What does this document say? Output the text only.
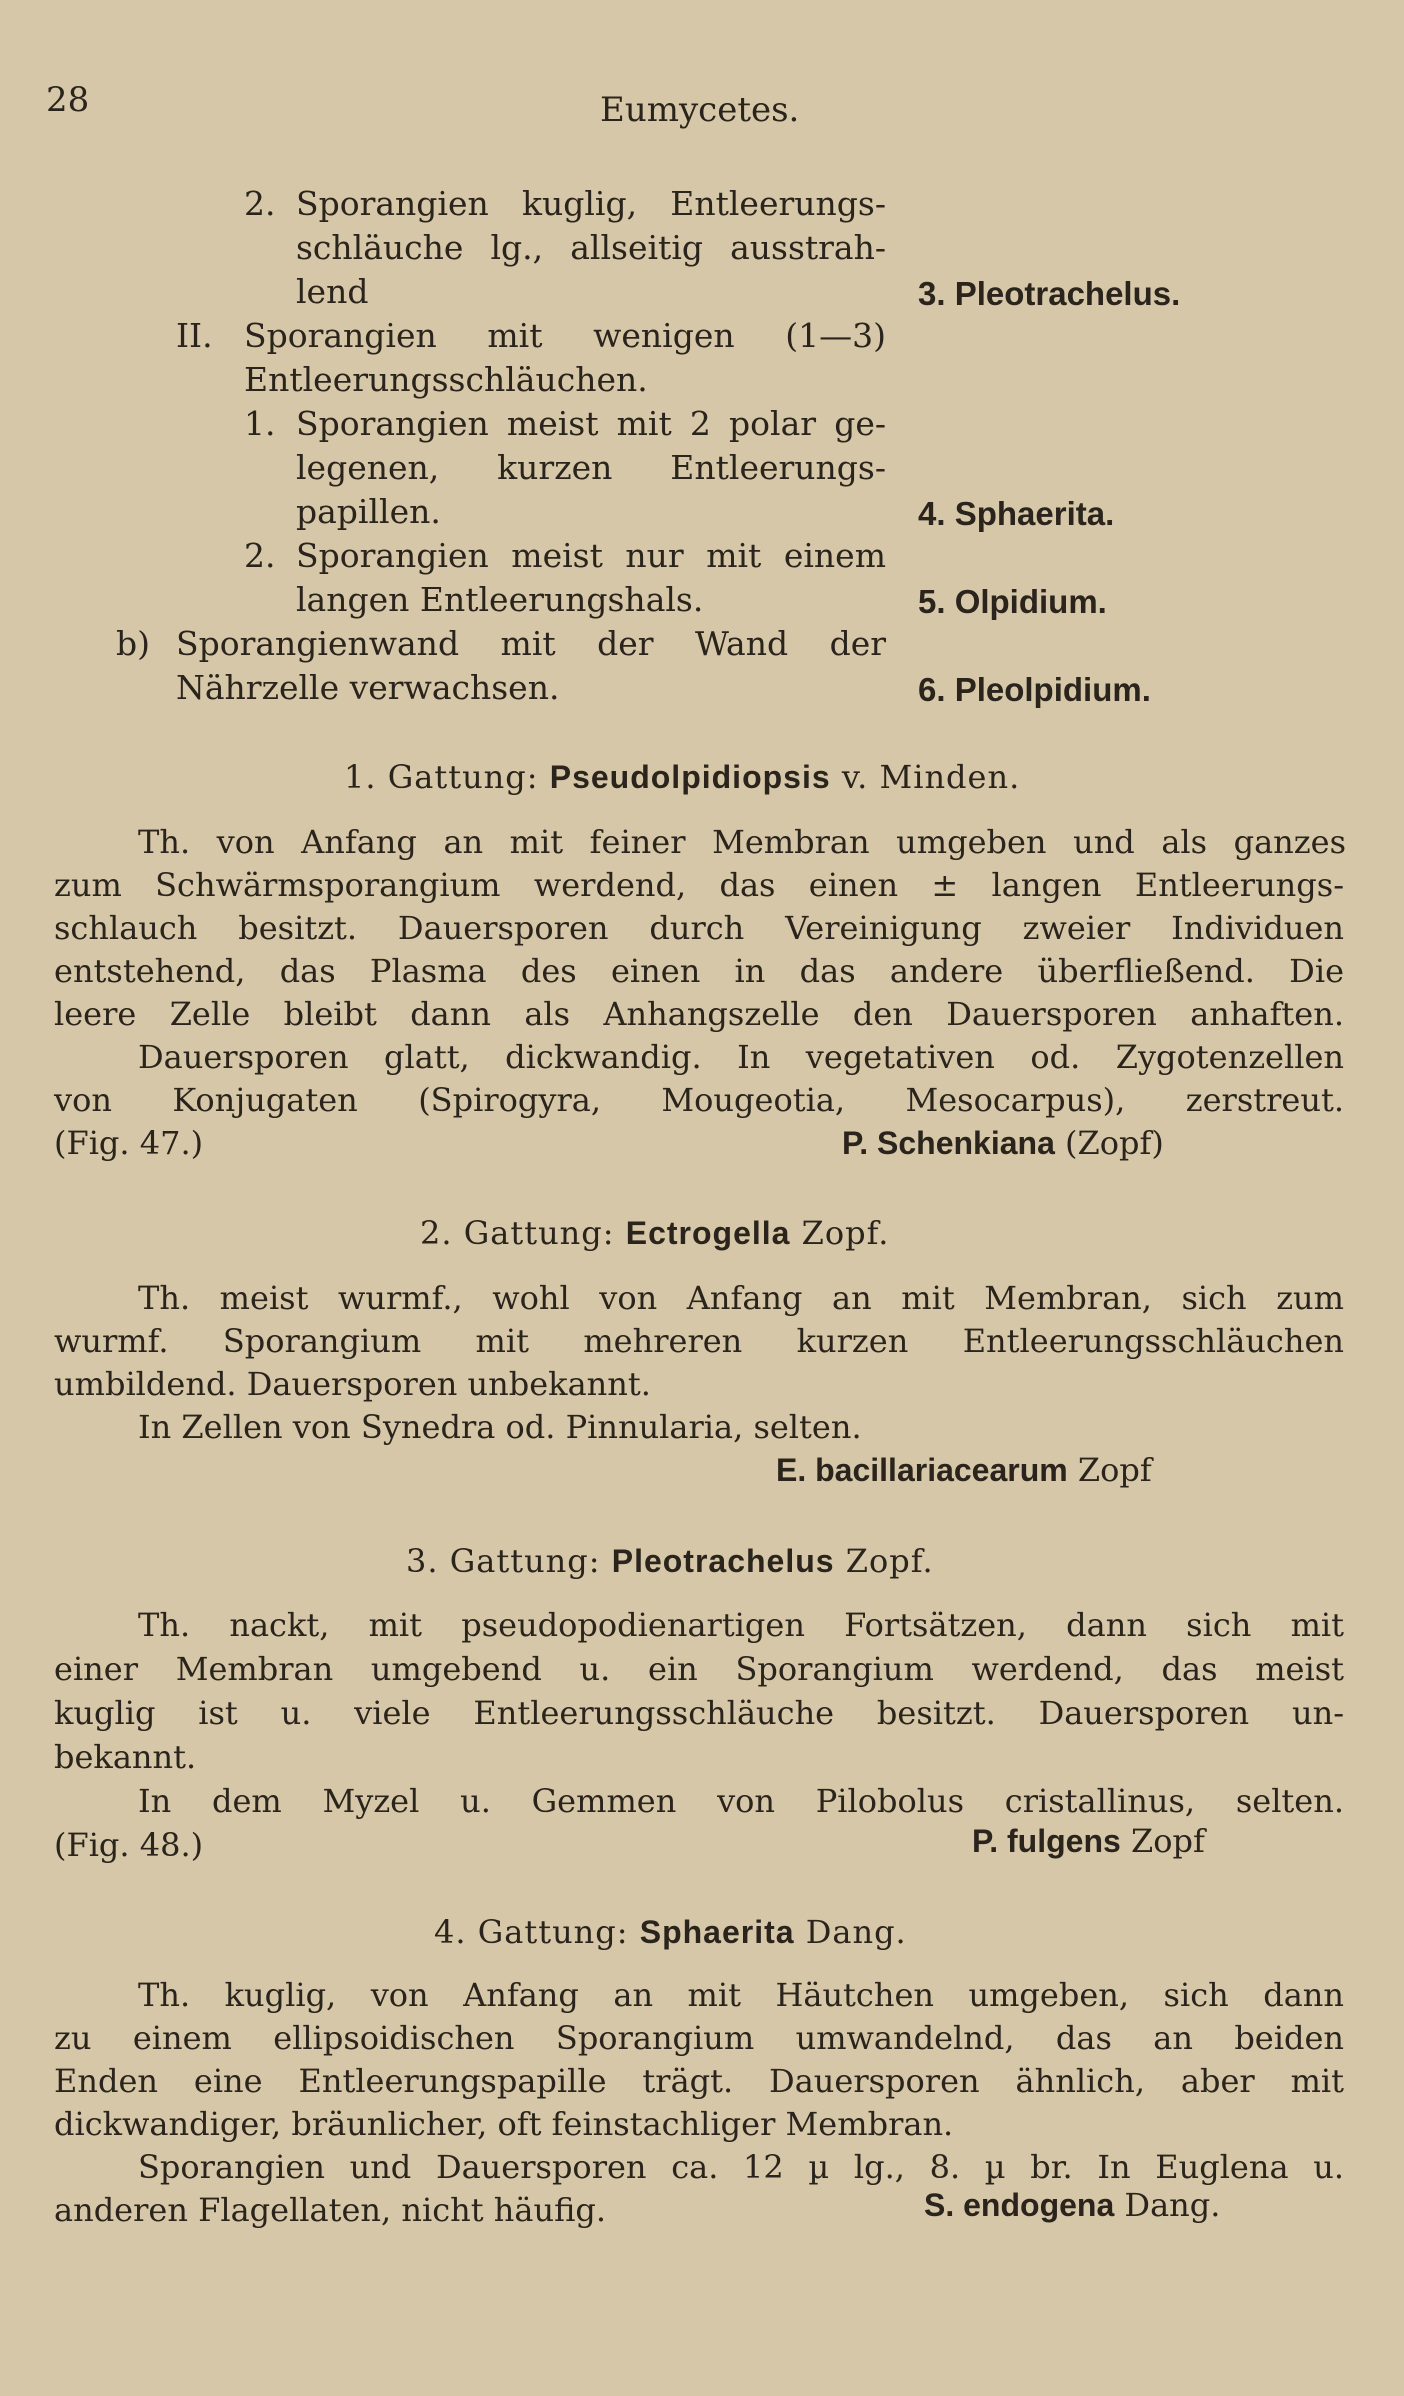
28	Eumycetes.
2. Sporangien kuglig, Entleerungs-
schläuche lg., allseitig ausstrah-
lend	3. Pleotrachelus.
II. Sporangien mit wenigen (1—3)
Entleerungsschläuchen.
1. Sporangien meist mit 2 polar ge-
legenen, kurzen Entleerungs-
papillen.	4. Sphaerita.
2. Sporangien meist nur mit einem
langen Entleerungshals.	5. Olpidium.
b) Sporangienwand mit der Wand der
Nährzelle verwachsen.	6. Pleolpidium.
1. Gattung: Pseudolpidiopsis v. Minden.
Th. von Anfang an mit feiner Membran umgeben und als ganzes
zum Schwärmsporangium werdend, das einen ± langen Entleerungs-
schlauch besitzt. Dauersporen durch Vereinigung zweier Individuen
entstehend, das Plasma des einen in das andere überfließend. Die
leere Zelle bleibt dann als Anhangszelle den Dauersporen anhaften.
Dauersporen glatt, dickwandig. In vegetativen od. Zygotenzellen
von Konjugaten (Spirogyra, Mougeotia, Mesocarpus), zerstreut.
(Fig. 47.)	P. Schenkiana (Zopf)
2. Gattung: Ectrogella Zopf.
Th. meist wurmf., wohl von Anfang an mit Membran, sich zum
wurmf. Sporangium mit mehreren kurzen Entleerungsschläuchen
umbildend. Dauersporen unbekannt.
In Zellen von Synedra od. Pinnularia, selten.
E. bacillariacearum Zopf
3. Gattung: Pleotrachelus Zopf.
Th. nackt, mit pseudopodienartigen Fortsätzen, dann sich mit
einer Membran umgebend u. ein Sporangium werdend, das meist
kuglig ist u. viele Entleerungsschläuche besitzt. Dauersporen un-
bekannt.
In dem Myzel u. Gemmen von Pilobolus cristallinus, selten.
(Fig. 48.)	P. fulgens Zopf
4. Gattung: Sphaerita Dang.
Th. kuglig, von Anfang an mit Häutchen umgeben, sich dann
zu einem ellipsoidischen Sporangium umwandelnd, das an beiden
Enden eine Entleerungspapille trägt. Dauersporen ähnlich, aber mit
dickwandiger, bräunlicher, oft feinstachliger Membran.
Sporangien und Dauersporen ca. 12 µ lg., 8. µ br. In Euglena u.
anderen Flagellaten, nicht häufig.	S. endogena Dang.
